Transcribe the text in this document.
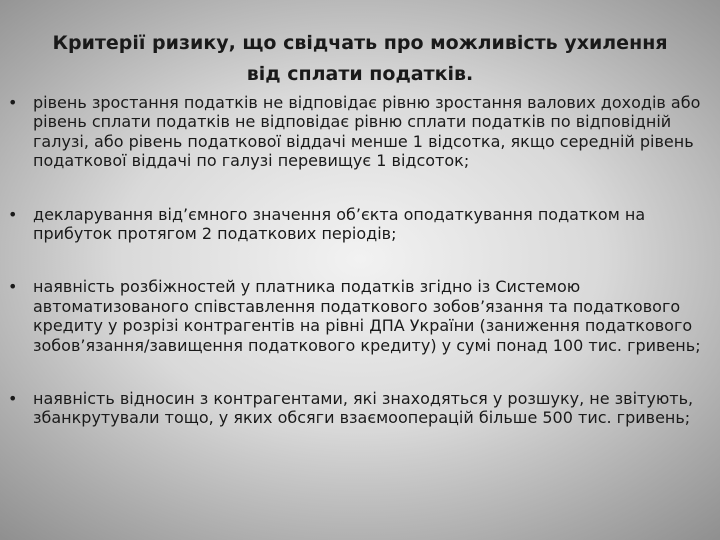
Критерії ризику, що свідчать про можливість ухилення від сплати податків.
• рівень зростання податків не відповідає рівню зростання валових доходів або рівень сплати податків не відповідає рівню сплати податків по відповідній галузі, або рівень податкової віддачі менше 1 відсотка, якщо середній рівень податкової віддачі по галузі перевищує 1 відсоток;
• декларування від’ємного значення об’єкта оподаткування податком на прибуток протягом 2 податкових періодів;
• наявність розбіжностей у платника податків згідно із Системою автоматизованого співставлення податкового зобов’язання та податкового кредиту у розрізі контрагентів на рівні ДПА України (заниження податкового зобов’язання/завищення податкового кредиту) у сумі понад 100 тис. гривень;
• наявність відносин з контрагентами, які знаходяться у розшуку, не звітують, збанкрутували тощо, у яких обсяги взаємооперацій більше 500 тис. гривень;
